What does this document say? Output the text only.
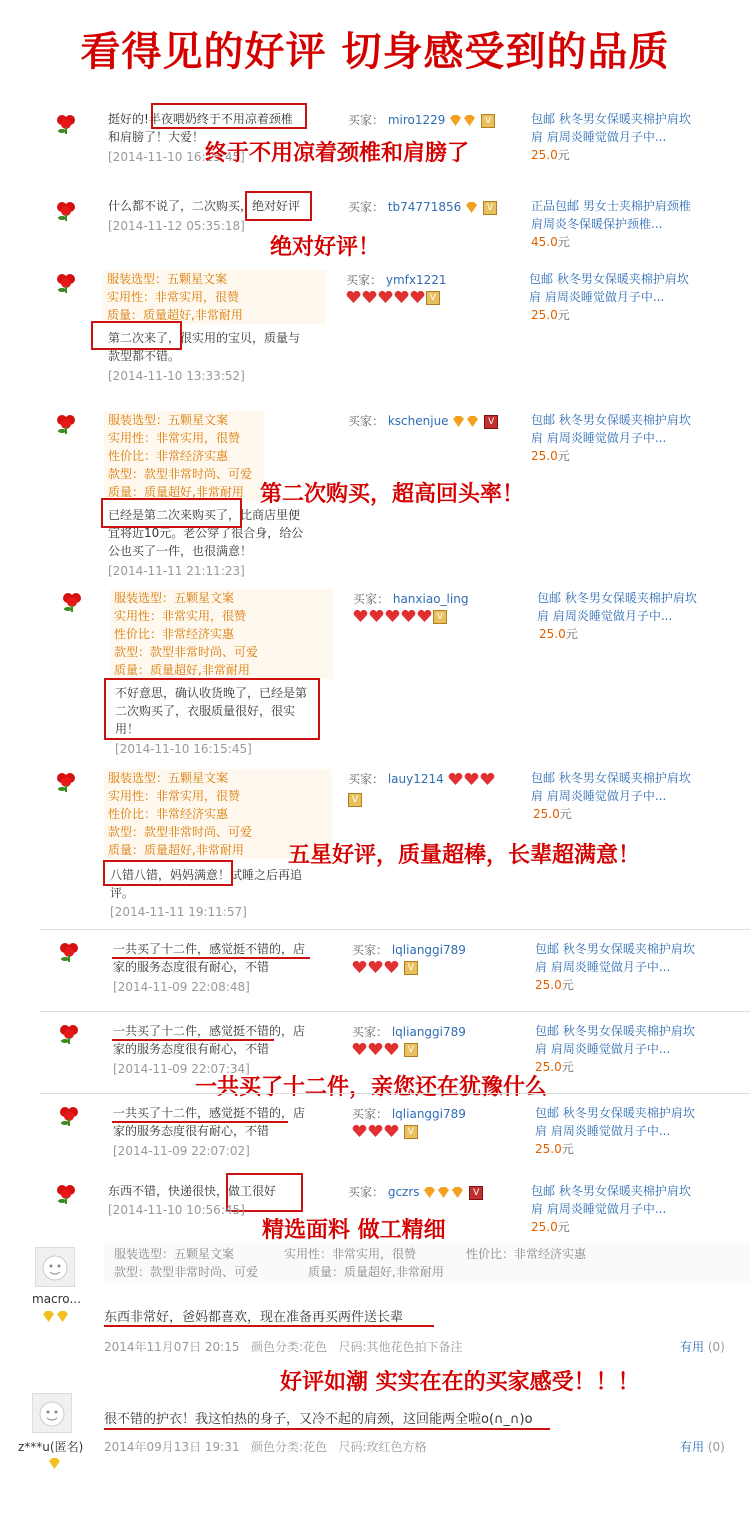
看得见的好评 切身感受到的品质
挺好的!半夜喂奶终于不用凉着颈椎
和肩膀了！大爱！
[2014-11-10 16:15:45]
终于不用凉着颈椎和肩膀了
买家： miro1229	V	包邮 秋冬男女保暖夹棉护肩坎
肩 肩周炎睡觉做月子中...
25.0元
什么都不说了，二次购买，绝对好评
[2014-11-12 05:35:18]
绝对好评！
买家： tb74771856	V	正品包邮 男女士夹棉护肩颈椎
肩周炎冬保暖保护颈椎...
45.0元
服装选型：五颗星文案
实用性：非常实用，很赞
质量：质量超好,非常耐用
第二次来了，很实用的宝贝，质量与
款型都不错。
[2014-11-10 13:33:52]
买家： ymfx1221
V
包邮 秋冬男女保暖夹棉护肩坎
肩 肩周炎睡觉做月子中...
25.0元
服装选型：五颗星文案
实用性：非常实用，很赞
性价比：非常经济实惠
款型：款型非常时尚、可爱
质量：质量超好,非常耐用 第二次购买，超高回头率！
已经是第二次来购买了，比商店里便
宜将近10元。老公穿了很合身，给公
公也买了一件，也很满意！
[2014-11-11 21:11:23]
买家： kschenjue	V	包邮 秋冬男女保暖夹棉护肩坎
肩 肩周炎睡觉做月子中...
25.0元
服装选型：五颗星文案
实用性：非常实用，很赞
性价比：非常经济实惠
款型：款型非常时尚、可爱
质量：质量超好,非常耐用
不好意思，确认收货晚了，已经是第
二次购买了，衣服质量很好，很实
用！
[2014-11-10 16:15:45]
买家： hanxiao_ling
V
包邮 秋冬男女保暖夹棉护肩坎
肩 肩周炎睡觉做月子中...
25.0元
服装选型：五颗星文案
实用性：非常实用，很赞
性价比：非常经济实惠
款型：款型非常时尚、可爱
质量：质量超好,非常耐用	五星好评，质量超棒，长辈超满意！
八错八错，妈妈满意！试睡之后再追
评。
[2014-11-11 19:11:57]
买家： lauy1214
V
包邮 秋冬男女保暖夹棉护肩坎
肩 肩周炎睡觉做月子中...
25.0元
一共买了十二件，感觉挺不错的，店
家的服务态度很有耐心，不错
[2014-11-09 22:08:48]
买家： lqlianggi789
V
包邮 秋冬男女保暖夹棉护肩坎
肩 肩周炎睡觉做月子中...
25.0元
一共买了十二件，感觉挺不错的，店
家的服务态度很有耐心，不错
[2014-11-09 22:07:34]
买家： lqlianggi789
V
包邮 秋冬男女保暖夹棉护肩坎
肩 肩周炎睡觉做月子中...
25.0元
一共买了十二件，亲您还在犹豫什么
一共买了十二件，感觉挺不错的，店
家的服务态度很有耐心，不错
[2014-11-09 22:07:02]
买家： lqlianggi789
V
包邮 秋冬男女保暖夹棉护肩坎
肩 肩周炎睡觉做月子中...
25.0元
东西不错，快递很快，做工很好
[2014-11-10 10:56:45]
精选面料 做工精细
买家： gczrs	V	包邮 秋冬男女保暖夹棉护肩坎
肩 肩周炎睡觉做月子中...
25.0元
macro...
服装选型：五颗星文案	实用性：非常实用，很赞	性价比：非常经济实惠
款型：款型非常时尚、可爱	质量：质量超好,非常耐用
东西非常好，爸妈都喜欢，现在准备再买两件送长辈
2014年11月07日 20:15 颜色分类:花色 尺码:其他花色拍下备注	有用 (0)
好评如潮 实实在在的买家感受！！！
z***u(匿名)
很不错的护衣！我这怕热的身子，又冷不起的肩颈，这回能两全啦o(∩_∩)o
2014年09月13日 19:31 颜色分类:花色 尺码:玫红色方格	有用 (0)
